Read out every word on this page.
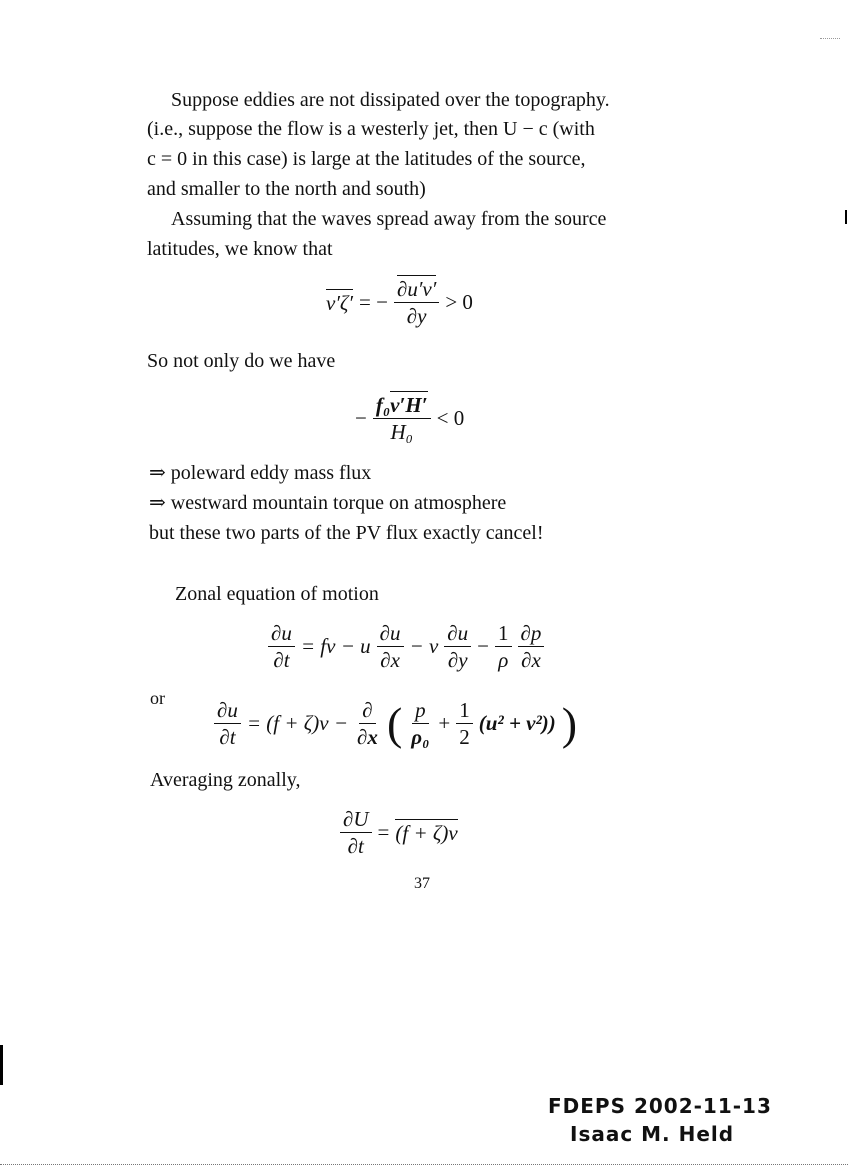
Suppose eddies are not dissipated over the topography.
(i.e., suppose the flow is a westerly jet, then U − c (with
c = 0 in this case) is large at the latitudes of the source,
and smaller to the north and south)
Assuming that the waves spread away from the source
latitudes, we know that
v′ζ′ = − $\frac{\partial u'v'}{\partial y} > 0$
So not only do we have
− $\frac{\text{f₀v′H′}}{\text{H₀}} < 0$
⇒ poleward eddy mass flux
⇒ westward mountain torque on atmosphere
but these two parts of the PV flux exactly cancel!
Zonal equation of motion
$\frac{\partial u}{\partial t}$ = fv − u $\frac{\partial u}{\partial x} - v \frac{\partial u}{\partial y} - \frac{1}{\rho} \frac{\partial p}{\partial x}$
or $\frac{\partial u}{\partial t} = (f + \zeta)v - \frac{\partial}{\partial x}$ ( $\frac{p}{\text{ρ₀}} + \frac{1}{2} (u^2 + v^2)$) )
Averaging zonally,
$\frac{\partial U}{\partial t} = (f + \zeta)v$
37
FDEPS 2002-11-13
Isaac M. Held
